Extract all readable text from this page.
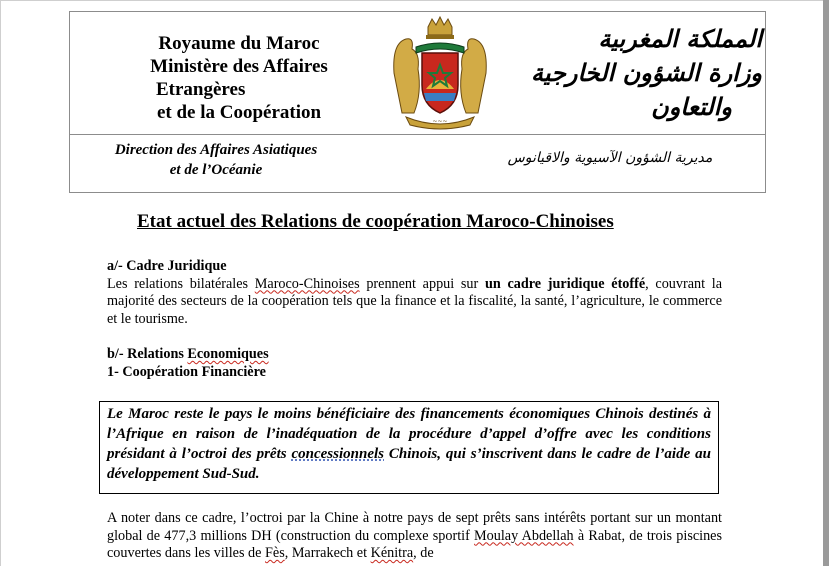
Royaume du Maroc
Ministère des Affaires
Etrangères
et de la Coopération	~~~
المملكة المغربية
وزارة الشؤون الخارجية
والتعاون
Direction des Affaires Asiatiques
et de l’Océanie
مديرية الشؤون الآسيوية والاقيانوس
Etat actuel des Relations de coopération Maroco-Chinoises
a/- Cadre Juridique
Les relations bilatérales Maroco-Chinoises prennent appui sur un cadre juridique étoffé, couvrant la majorité des secteurs de la coopération tels que la finance et la fiscalité, la santé, l’agriculture, le commerce et le tourisme.
b/- Relations Economiques
1- Coopération Financière

Le Maroc reste le pays le moins bénéficiaire des financements économiques Chinois destinés à l’Afrique en raison de l’inadéquation de la procédure d’appel d’offre avec les conditions présidant à l’octroi des prêts concessionnels Chinois, qui s’inscrivent dans le cadre de l’aide au développement Sud-Sud.

A noter dans ce cadre, l’octroi par la Chine à notre pays de sept prêts sans intérêts portant sur un montant global de 477,3 millions DH (construction du complexe sportif Moulay Abdellah à Rabat, de trois piscines couvertes dans les villes de Fès, Marrakech et Kénitra, de
